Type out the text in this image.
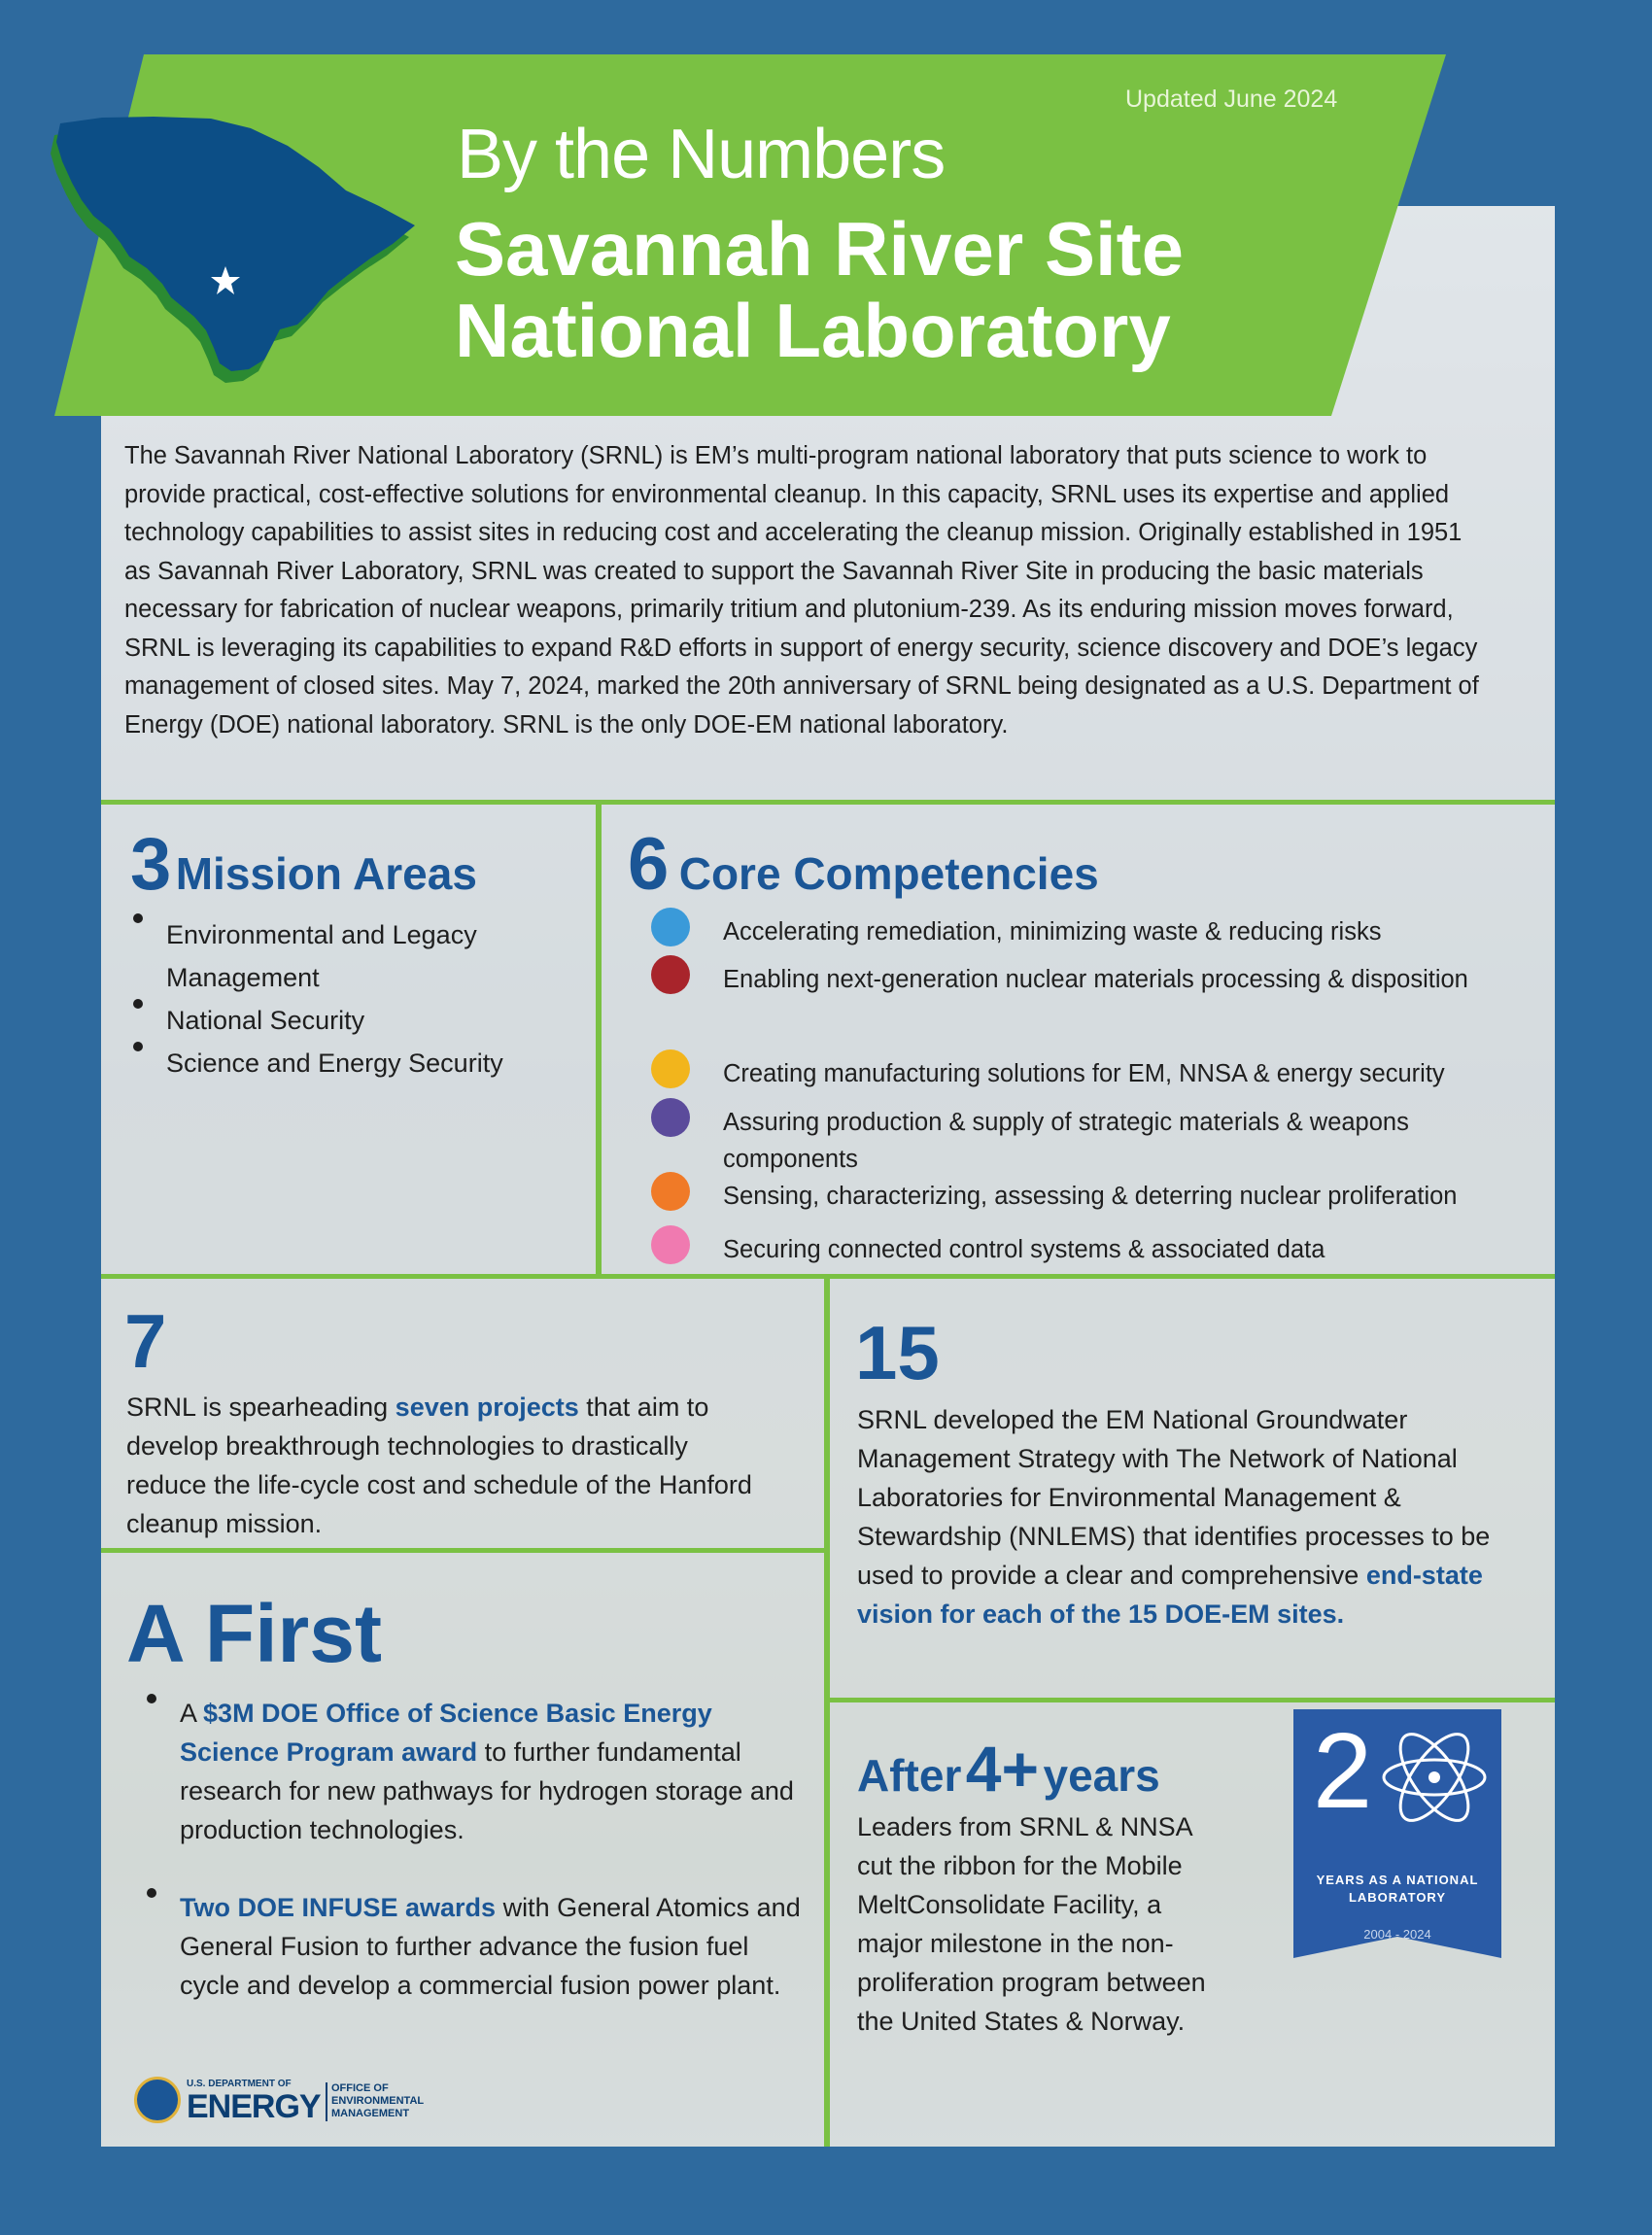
Updated June 2024
By the Numbers
Savannah River Site
National Laboratory
The Savannah River National Laboratory (SRNL) is EM’s multi-program national laboratory that puts science to work to provide practical, cost-effective solutions for environmental cleanup. In this capacity, SRNL uses its expertise and applied technology capabilities to assist sites in reducing cost and accelerating the cleanup mission. Originally established in 1951 as Savannah River Laboratory, SRNL was created to support the Savannah River Site in producing the basic materials necessary for fabrication of nuclear weapons, primarily tritium and plutonium-239. As its enduring mission moves forward, SRNL is leveraging its capabilities to expand R&D efforts in support of energy security, science discovery and DOE’s legacy management of closed sites. May 7, 2024, marked the 20th anniversary of SRNL being designated as a U.S. Department of Energy (DOE) national laboratory. SRNL is the only DOE-EM national laboratory.
3 Mission Areas
Environmental and Legacy Management
National Security
Science and Energy Security
6 Core Competencies
Accelerating remediation, minimizing waste & reducing risks
Enabling next-generation nuclear materials processing & disposition
Creating manufacturing solutions for EM, NNSA & energy security
Assuring production & supply of strategic materials & weapons components
Sensing, characterizing, assessing & deterring nuclear proliferation
Securing connected control systems & associated data
7
SRNL is spearheading seven projects that aim to develop breakthrough technologies to drastically reduce the life-cycle cost and schedule of the Hanford cleanup mission.
15
SRNL developed the EM National Groundwater Management Strategy with The Network of National Laboratories for Environmental Management & Stewardship (NNLEMS) that identifies processes to be used to provide a clear and comprehensive end-state vision for each of the 15 DOE-EM sites.
A First
A $3M DOE Office of Science Basic Energy Science Program award to further fundamental research for new pathways for hydrogen storage and production technologies.
Two DOE INFUSE awards with General Atomics and General Fusion to further advance the fusion fuel cycle and develop a commercial fusion power plant.
After 4+ years
Leaders from SRNL & NNSA cut the ribbon for the Mobile MeltConsolidate Facility, a major milestone in the non-proliferation program between the United States & Norway.
2
YEARS AS A NATIONAL
LABORATORY
2004 - 2024
U.S. DEPARTMENT OF
ENERGY OFFICE OF
ENVIRONMENTAL
MANAGEMENT
